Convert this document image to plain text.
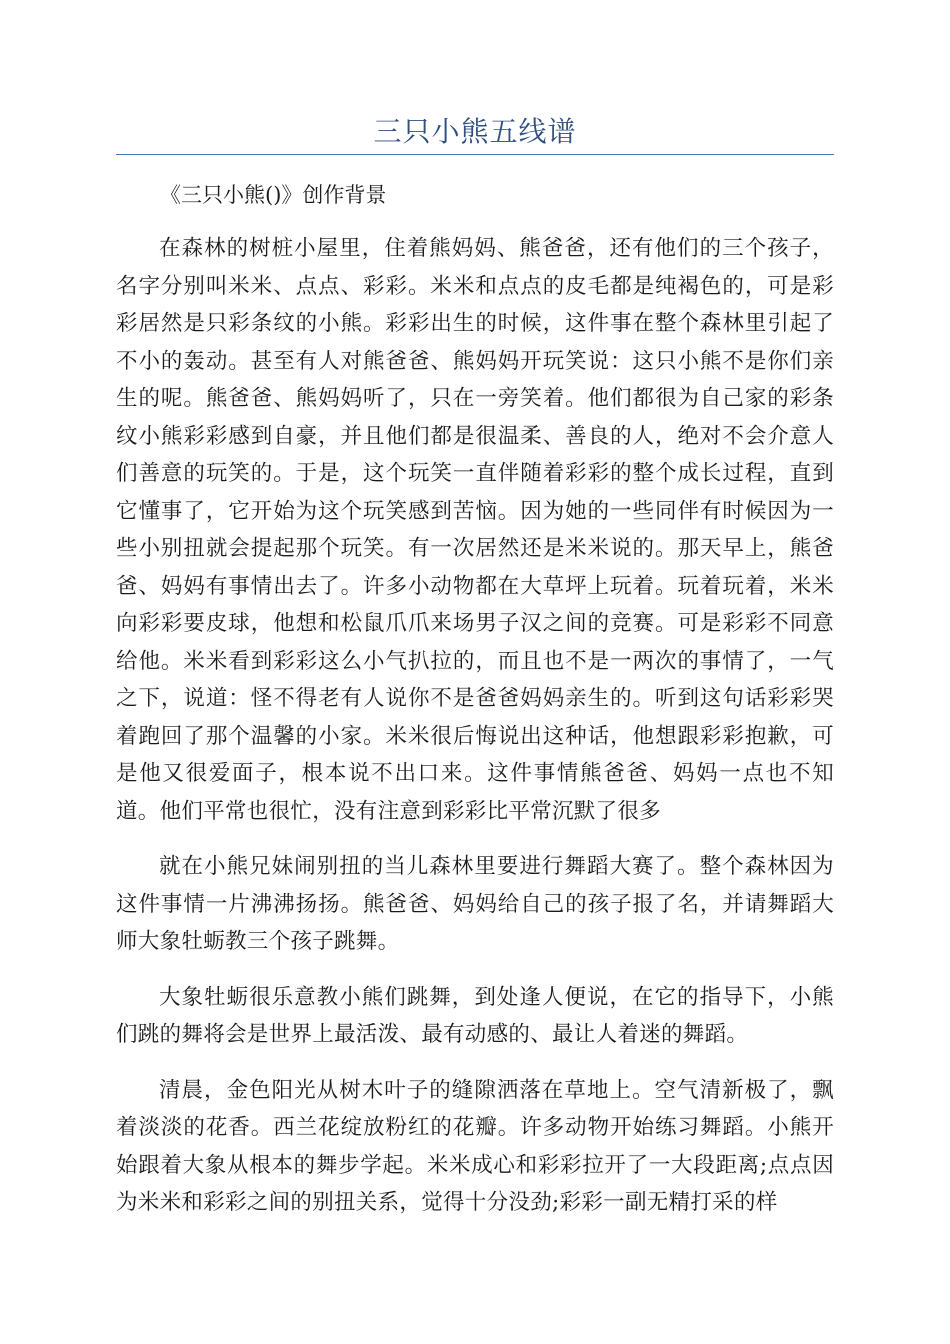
三只小熊五线谱
《三只小熊()》创作背景

在森林的树桩小屋里，住着熊妈妈、熊爸爸，还有他们的三个孩子，名字分别叫米米、点点、彩彩。米米和点点的皮毛都是纯褐色的，可是彩彩居然是只彩条纹的小熊。彩彩出生的时候，这件事在整个森林里引起了不小的轰动。甚至有人对熊爸爸、熊妈妈开玩笑说：这只小熊不是你们亲生的呢。熊爸爸、熊妈妈听了，只在一旁笑着。他们都很为自己家的彩条纹小熊彩彩感到自豪，并且他们都是很温柔、善良的人，绝对不会介意人们善意的玩笑的。于是，这个玩笑一直伴随着彩彩的整个成长过程，直到它懂事了，它开始为这个玩笑感到苦恼。因为她的一些同伴有时候因为一些小别扭就会提起那个玩笑。有一次居然还是米米说的。那天早上，熊爸爸、妈妈有事情出去了。许多小动物都在大草坪上玩着。玩着玩着，米米向彩彩要皮球，他想和松鼠爪爪来场男子汉之间的竞赛。可是彩彩不同意给他。米米看到彩彩这么小气扒拉的，而且也不是一两次的事情了，一气之下，说道：怪不得老有人说你不是爸爸妈妈亲生的。听到这句话彩彩哭着跑回了那个温馨的小家。米米很后悔说出这种话，他想跟彩彩抱歉，可是他又很爱面子，根本说不出口来。这件事情熊爸爸、妈妈一点也不知道。他们平常也很忙，没有注意到彩彩比平常沉默了很多

就在小熊兄妹闹别扭的当儿森林里要进行舞蹈大赛了。整个森林因为这件事情一片沸沸扬扬。熊爸爸、妈妈给自己的孩子报了名，并请舞蹈大师大象牡蛎教三个孩子跳舞。

大象牡蛎很乐意教小熊们跳舞，到处逢人便说，在它的指导下，小熊们跳的舞将会是世界上最活泼、最有动感的、最让人着迷的舞蹈。

清晨，金色阳光从树木叶子的缝隙洒落在草地上。空气清新极了，飘着淡淡的花香。西兰花绽放粉红的花瓣。许多动物开始练习舞蹈。小熊开始跟着大象从根本的舞步学起。米米成心和彩彩拉开了一大段距离;点点因为米米和彩彩之间的别扭关系，觉得十分没劲;彩彩一副无精打采的样
